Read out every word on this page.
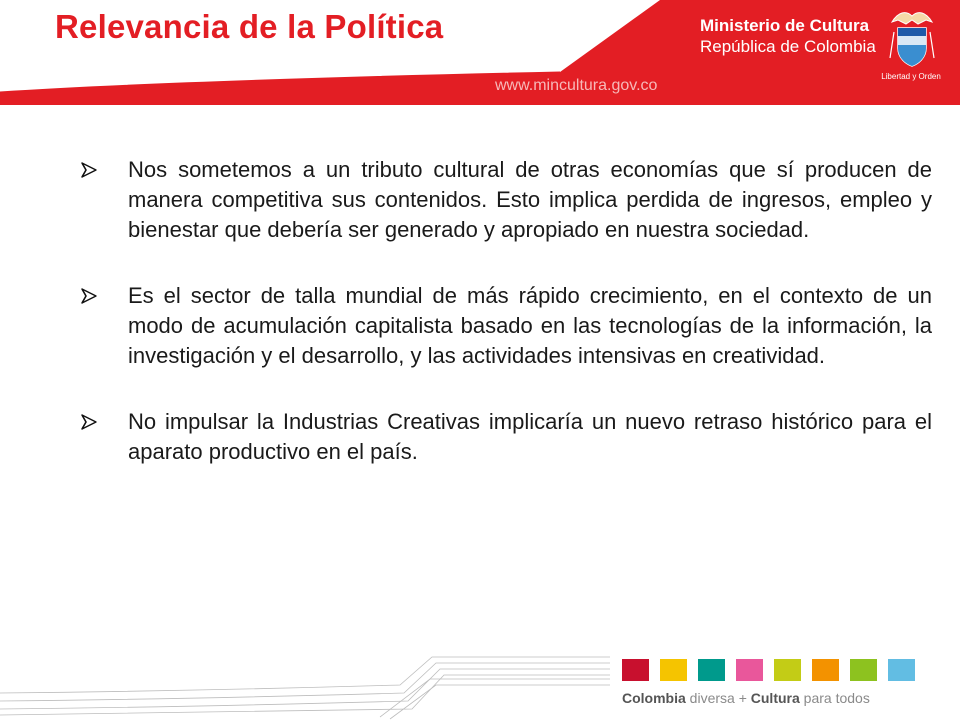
Relevancia de la Política
www.mincultura.gov.co
Ministerio de Cultura
República de Colombia
Libertad y Orden

Nos sometemos a un tributo cultural de otras economías que sí producen de manera competitiva sus contenidos. Esto implica perdida de ingresos, empleo y bienestar que debería ser generado y apropiado en nuestra sociedad.

Es el sector de talla mundial de más rápido crecimiento, en el contexto de un modo de acumulación capitalista basado en las tecnologías de la información, la investigación y el desarrollo, y las actividades intensivas en creatividad.

No impulsar la Industrias Creativas implicaría un nuevo retraso histórico para el aparato productivo en el país.

Colombia diversa + Cultura para todos
